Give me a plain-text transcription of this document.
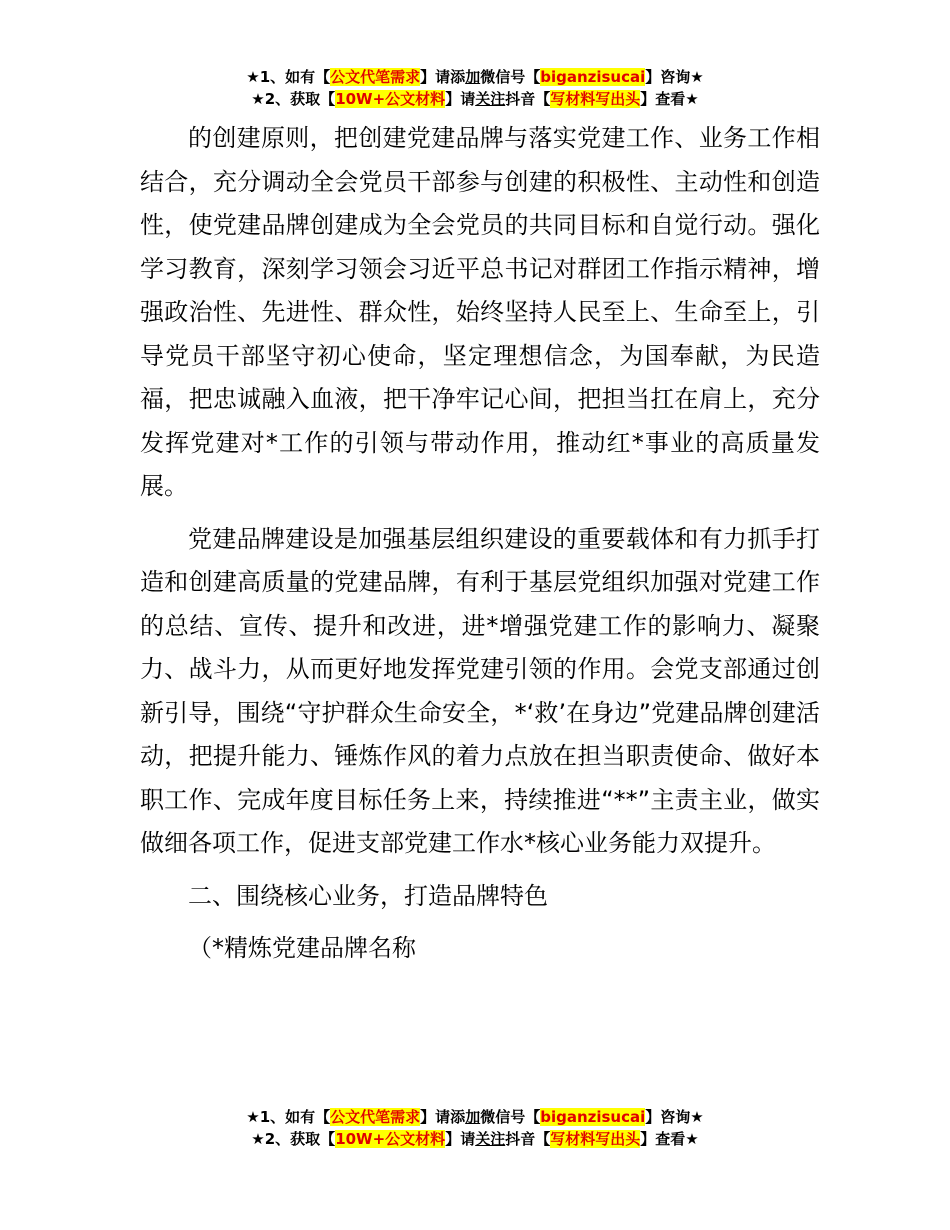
★1、如有【公文代笔需求】请添加微信号【biganzisucai】咨询★
★2、获取【10W+公文材料】请关注抖音【写材料写出头】查看★

的创建原则，把创建党建品牌与落实党建工作、业务工作相结合，充分调动全会党员干部参与创建的积极性、主动性和创造性，使党建品牌创建成为全会党员的共同目标和自觉行动。强化学习教育，深刻学习领会习近平总书记对群团工作指示精神，增强政治性、先进性、群众性，始终坚持人民至上、生命至上，引导党员干部坚守初心使命，坚定理想信念，为国奉献，为民造福，把忠诚融入血液，把干净牢记心间，把担当扛在肩上，充分发挥党建对*工作的引领与带动作用，推动红*事业的高质量发展。

党建品牌建设是加强基层组织建设的重要载体和有力抓手打造和创建高质量的党建品牌，有利于基层党组织加强对党建工作的总结、宣传、提升和改进，进*增强党建工作的影响力、凝聚力、战斗力，从而更好地发挥党建引领的作用。会党支部通过创新引导，围绕“守护群众生命安全，*‘救’在身边”党建品牌创建活动，把提升能力、锤炼作风的着力点放在担当职责使命、做好本职工作、完成年度目标任务上来，持续推进“**”主责主业，做实做细各项工作，促进支部党建工作水*核心业务能力双提升。

二、围绕核心业务，打造品牌特色

（*精炼党建品牌名称

★1、如有【公文代笔需求】请添加微信号【biganzisucai】咨询★
★2、获取【10W+公文材料】请关注抖音【写材料写出头】查看★
